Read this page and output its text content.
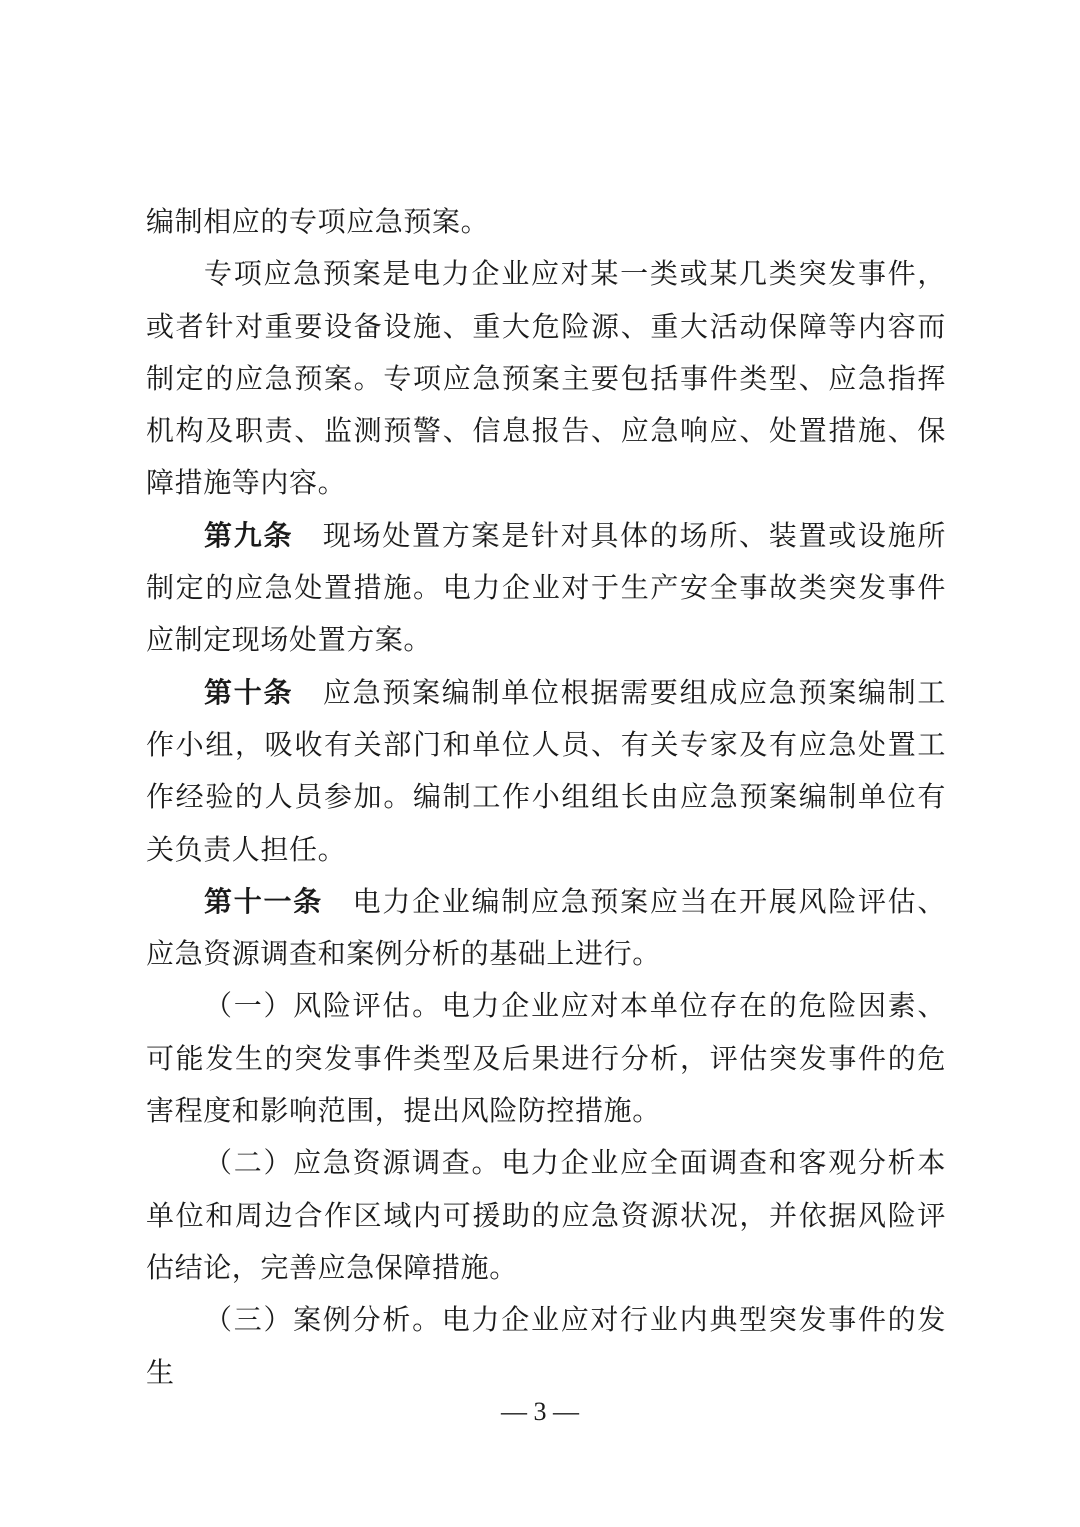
编制相应的专项应急预案。

专项应急预案是电力企业应对某一类或某几类突发事件，或者针对重要设备设施、重大危险源、重大活动保障等内容而制定的应急预案。专项应急预案主要包括事件类型、应急指挥机构及职责、监测预警、信息报告、应急响应、处置措施、保障措施等内容。

第九条　 现场处置方案是针对具体的场所、装置或设施所制定的应急处置措施。电力企业对于生产安全事故类突发事件应制定现场处置方案。

第十条　 应急预案编制单位根据需要组成应急预案编制工作小组，吸收有关部门和单位人员、有关专家及有应急处置工作经验的人员参加。编制工作小组组长由应急预案编制单位有关负责人担任。

第十一条　 电力企业编制应急预案应当在开展风险评估、应急资源调查和案例分析的基础上进行。

（一）风险评估。电力企业应对本单位存在的危险因素、可能发生的突发事件类型及后果进行分析，评估突发事件的危害程度和影响范围，提出风险防控措施。

（二）应急资源调查。电力企业应全面调查和客观分析本单位和周边合作区域内可援助的应急资源状况，并依据风险评估结论，完善应急保障措施。

（三）案例分析。电力企业应对行业内典型突发事件的发生

— 3 —
